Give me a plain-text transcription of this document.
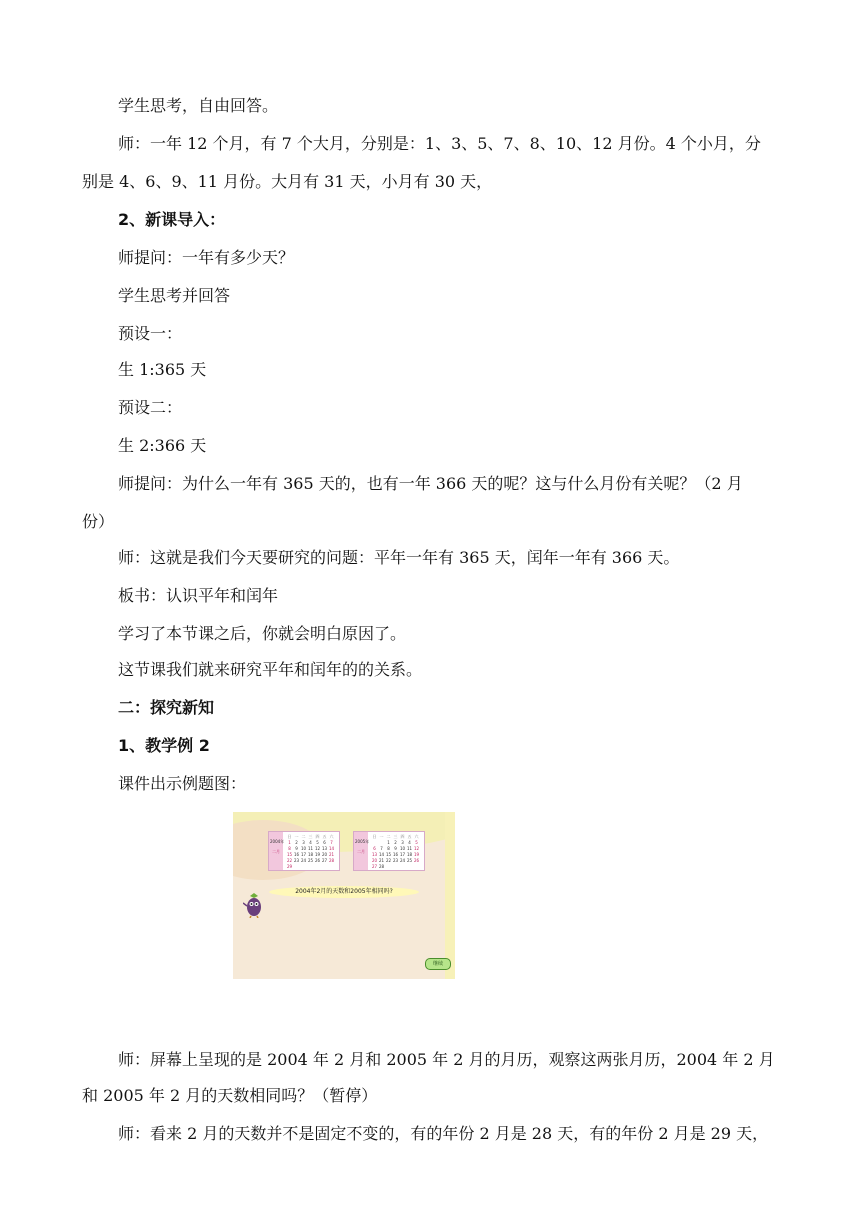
学生思考，自由回答。
师：一年 12 个月，有 7 个大月，分别是：1、3、5、7、8、10、12 月份。4 个小月，分
别是 4、6、9、11 月份。大月有 31 天，小月有 30 天，
2、新课导入：
师提问：一年有多少天？
学生思考并回答
预设一：
生 1:365 天
预设二：
生 2:366 天
师提问：为什么一年有 365 天的，也有一年 366 天的呢？这与什么月份有关呢？（2 月
份）
师：这就是我们今天要研究的问题：平年一年有 365 天，闰年一年有 366 天。
板书：认识平年和闰年
学习了本节课之后，你就会明白原因了。
这节课我们就来研究平年和闰年的的关系。
二：探究新知
1、教学例 2
课件出示例题图：
2004年
二月
日 一 二 三 四 五 六
1	2	3	4	5	6	7
8	9 10 11 12 13 14
15 16 17 18 19 20 21
22 23 24 25 26 27 28
29
2005年
二月
日 一 二 三 四 五 六
1	2	3	4	5
6	7	8	9 10 11 12
13 14 15 16 17 18 19
20 21 22 23 24 25 26
27 28
2004年2月的天数和2005年相同吗?
继续
师：屏幕上呈现的是 2004 年 2 月和 2005 年 2 月的月历，观察这两张月历，2004 年 2 月
和 2005 年 2 月的天数相同吗？（暂停）
师：看来 2 月的天数并不是固定不变的，有的年份 2 月是 28 天，有的年份 2 月是 29 天，
